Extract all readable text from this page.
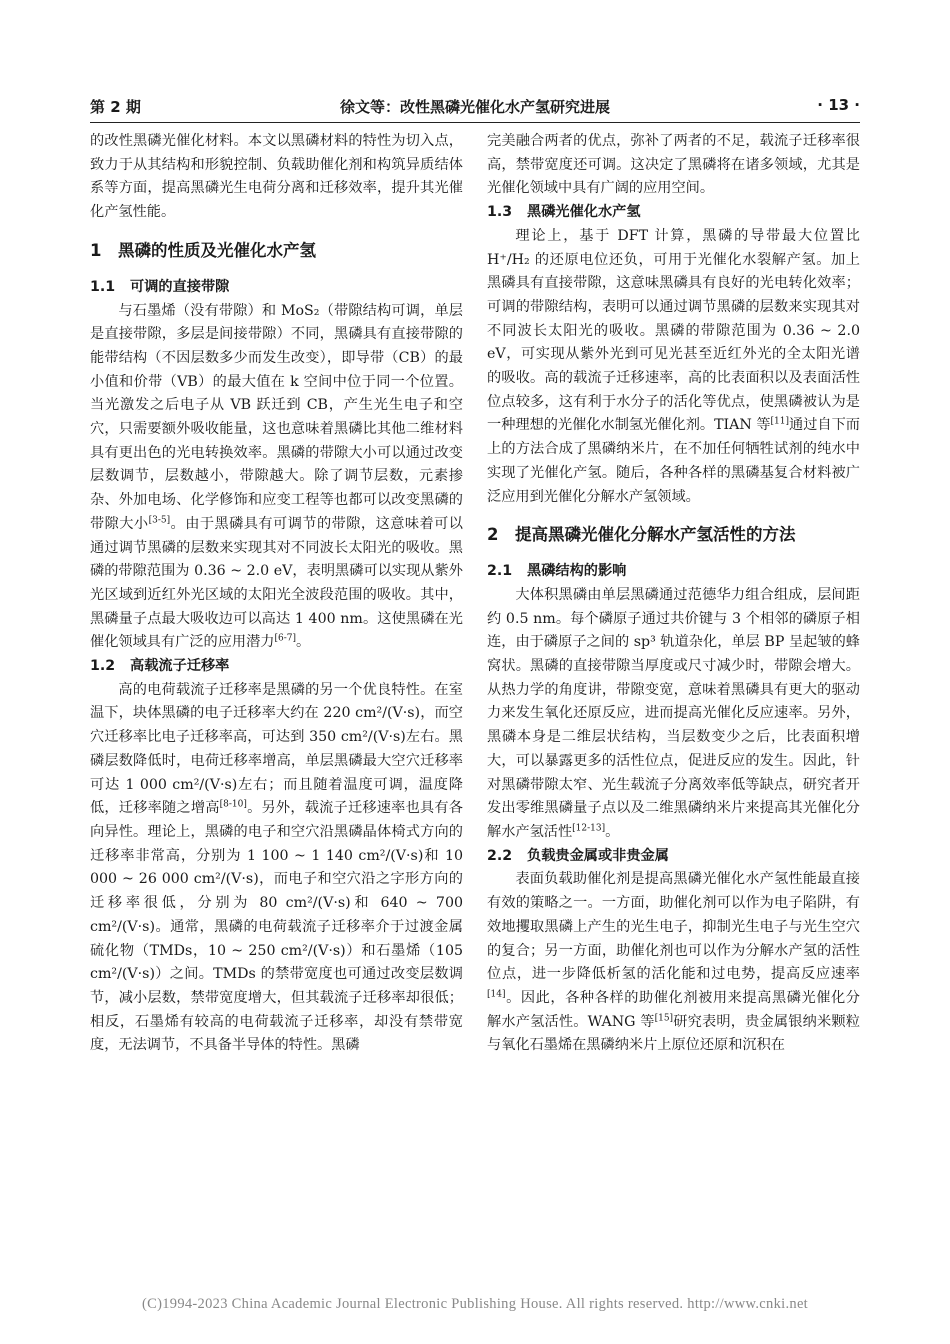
第 2 期	徐文等：改性黑磷光催化水产氢研究进展	· 13 ·

的改性黑磷光催化材料。本文以黑磷材料的特性为切入点，致力于从其结构和形貌控制、负载助催化剂和构筑异质结体系等方面，提高黑磷光生电荷分离和迁移效率，提升其光催化产氢性能。

1 黑磷的性质及光催化水产氢
1.1 可调的直接带隙

与石墨烯（没有带隙）和 MoS₂（带隙结构可调，单层是直接带隙，多层是间接带隙）不同，黑磷具有直接带隙的能带结构（不因层数多少而发生改变），即导带（CB）的最小值和价带（VB）的最大值在 k 空间中位于同一个位置。当光激发之后电子从 VB 跃迁到 CB，产生光生电子和空穴，只需要额外吸收能量，这也意味着黑磷比其他二维材料具有更出色的光电转换效率。黑磷的带隙大小可以通过改变层数调节，层数越小，带隙越大。除了调节层数，元素掺杂、外加电场、化学修饰和应变工程等也都可以改变黑磷的带隙大小[3-5]。由于黑磷具有可调节的带隙，这意味着可以通过调节黑磷的层数来实现其对不同波长太阳光的吸收。黑磷的带隙范围为 0.36 ~ 2.0 eV，表明黑磷可以实现从紫外光区域到近红外光区域的太阳光全波段范围的吸收。其中，黑磷量子点最大吸收边可以高达 1 400 nm。这使黑磷在光催化领域具有广泛的应用潜力[6-7]。

1.2 高载流子迁移率

高的电荷载流子迁移率是黑磷的另一个优良特性。在室温下，块体黑磷的电子迁移率大约在 220 cm²/(V·s)，而空穴迁移率比电子迁移率高，可达到 350 cm²/(V·s)左右。黑磷层数降低时，电荷迁移率增高，单层黑磷最大空穴迁移率可达 1 000 cm²/(V·s)左右；而且随着温度可调，温度降低，迁移率随之增高[8-10]。另外，载流子迁移速率也具有各向异性。理论上，黑磷的电子和空穴沿黑磷晶体椅式方向的迁移率非常高，分别为 1 100 ~ 1 140 cm²/(V·s)和 10 000 ~ 26 000 cm²/(V·s)，而电子和空穴沿之字形方向的迁移率很低，分别为 80 cm²/(V·s)和 640 ~ 700 cm²/(V·s)。通常，黑磷的电荷载流子迁移率介于过渡金属硫化物（TMDs，10 ~ 250 cm²/(V·s)）和石墨烯（105 cm²/(V·s)）之间。TMDs 的禁带宽度也可通过改变层数调节，减小层数，禁带宽度增大，但其载流子迁移率却很低；相反，石墨烯有较高的电荷载流子迁移率，却没有禁带宽度，无法调节，不具备半导体的特性。黑磷

完美融合两者的优点，弥补了两者的不足，载流子迁移率很高，禁带宽度还可调。这决定了黑磷将在诸多领域，尤其是光催化领域中具有广阔的应用空间。

1.3 黑磷光催化水产氢

理论上，基于 DFT 计算，黑磷的导带最大位置比 H⁺/H₂ 的还原电位还负，可用于光催化水裂解产氢。加上黑磷具有直接带隙，这意味黑磷具有良好的光电转化效率；可调的带隙结构，表明可以通过调节黑磷的层数来实现其对不同波长太阳光的吸收。黑磷的带隙范围为 0.36 ~ 2.0 eV，可实现从紫外光到可见光甚至近红外光的全太阳光谱的吸收。高的载流子迁移速率，高的比表面积以及表面活性位点较多，这有利于水分子的活化等优点，使黑磷被认为是一种理想的光催化水制氢光催化剂。TIAN 等[11]通过自下而上的方法合成了黑磷纳米片，在不加任何牺牲试剂的纯水中实现了光催化产氢。随后，各种各样的黑磷基复合材料被广泛应用到光催化分解水产氢领域。

2 提高黑磷光催化分解水产氢活性的方法
2.1 黑磷结构的影响

大体积黑磷由单层黑磷通过范德华力组合组成，层间距约 0.5 nm。每个磷原子通过共价键与 3 个相邻的磷原子相连，由于磷原子之间的 sp³ 轨道杂化，单层 BP 呈起皱的蜂窝状。黑磷的直接带隙当厚度或尺寸减少时，带隙会增大。从热力学的角度讲，带隙变宽，意味着黑磷具有更大的驱动力来发生氧化还原反应，进而提高光催化反应速率。另外，黑磷本身是二维层状结构，当层数变少之后，比表面积增大，可以暴露更多的活性位点，促进反应的发生。因此，针对黑磷带隙太窄、光生载流子分离效率低等缺点，研究者开发出零维黑磷量子点以及二维黑磷纳米片来提高其光催化分解水产氢活性[12-13]。

2.2 负载贵金属或非贵金属

表面负载助催化剂是提高黑磷光催化水产氢性能最直接有效的策略之一。一方面，助催化剂可以作为电子陷阱，有效地攫取黑磷上产生的光生电子，抑制光生电子与光生空穴的复合；另一方面，助催化剂也可以作为分解水产氢的活性位点，进一步降低析氢的活化能和过电势，提高反应速率[14]。因此，各种各样的助催化剂被用来提高黑磷光催化分解水产氢活性。WANG 等[15]研究表明，贵金属银纳米颗粒与氧化石墨烯在黑磷纳米片上原位还原和沉积在

(C)1994-2023 China Academic Journal Electronic Publishing House. All rights reserved. http://www.cnki.net
